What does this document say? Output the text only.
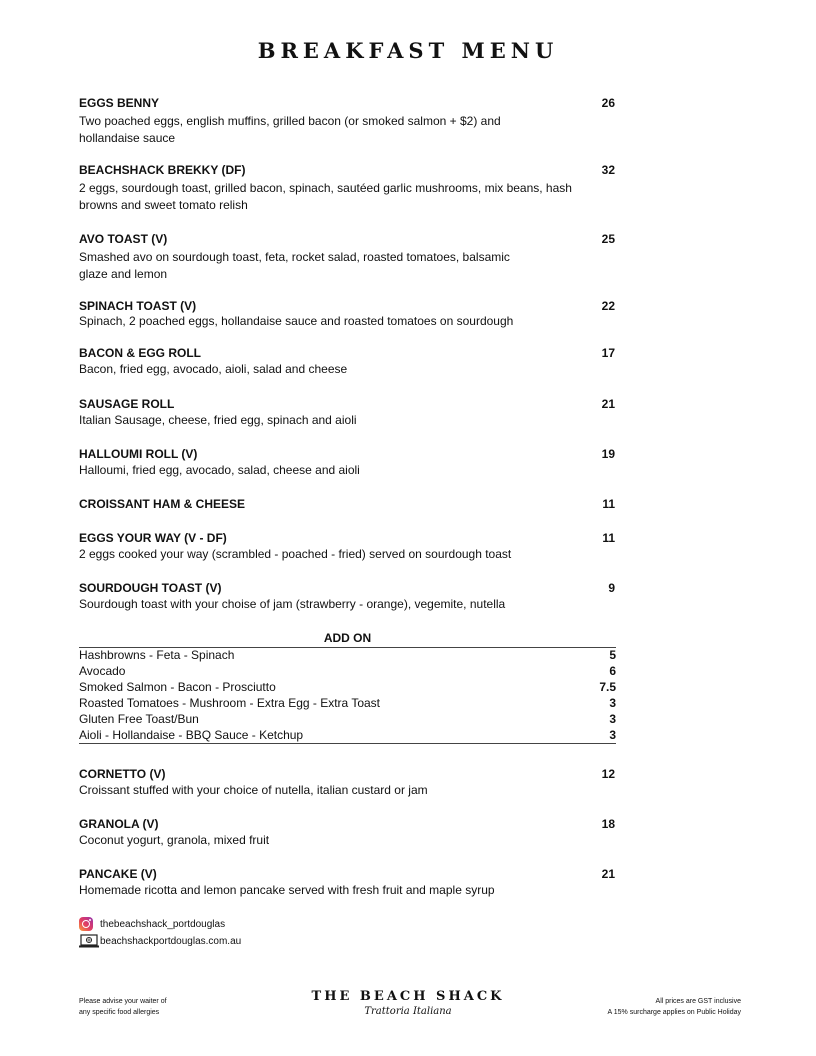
BREAKFAST MENU
EGGS BENNY	26
Two poached eggs, english muffins, grilled bacon (or smoked salmon + $2) and hollandaise sauce
BEACHSHACK BREKKY (DF)	32
2 eggs, sourdough toast, grilled bacon, spinach, sautéed garlic mushrooms, mix beans, hash browns and sweet tomato relish
AVO TOAST (V)	25
Smashed avo on sourdough toast, feta, rocket salad, roasted tomatoes, balsamic glaze and lemon
SPINACH TOAST (V)	22
Spinach, 2 poached eggs, hollandaise sauce and roasted tomatoes on sourdough
BACON & EGG ROLL	17
Bacon, fried egg, avocado, aioli, salad and cheese
SAUSAGE ROLL	21
Italian Sausage, cheese, fried egg, spinach and aioli
HALLOUMI ROLL (V)	19
Halloumi, fried egg, avocado, salad, cheese and aioli
CROISSANT HAM & CHEESE	11
EGGS YOUR WAY (V - DF)	11
2 eggs cooked your way (scrambled - poached - fried) served on sourdough toast
SOURDOUGH TOAST (V)	9
Sourdough toast with your choise of jam (strawberry - orange), vegemite, nutella
ADD ON
Hashbrowns - Feta - Spinach	5
Avocado	6
Smoked Salmon - Bacon - Prosciutto	7.5
Roasted Tomatoes - Mushroom - Extra Egg - Extra Toast	3
Gluten Free Toast/Bun	3
Aioli - Hollandaise - BBQ Sauce - Ketchup	3
CORNETTO (V)	12
Croissant stuffed with your choice of nutella, italian custard or jam
GRANOLA (V)	18
Coconut yogurt, granola, mixed fruit
PANCAKE (V)	21
Homemade ricotta and lemon pancake served with fresh fruit and maple syrup
thebeachshack_portdouglas
beachshackportdouglas.com.au
Please advise your waiter of
any specific food allergies
THE BEACH SHACK
Trattoria Italiana
All prices are GST inclusive
A 15% surcharge applies on Public Holiday
